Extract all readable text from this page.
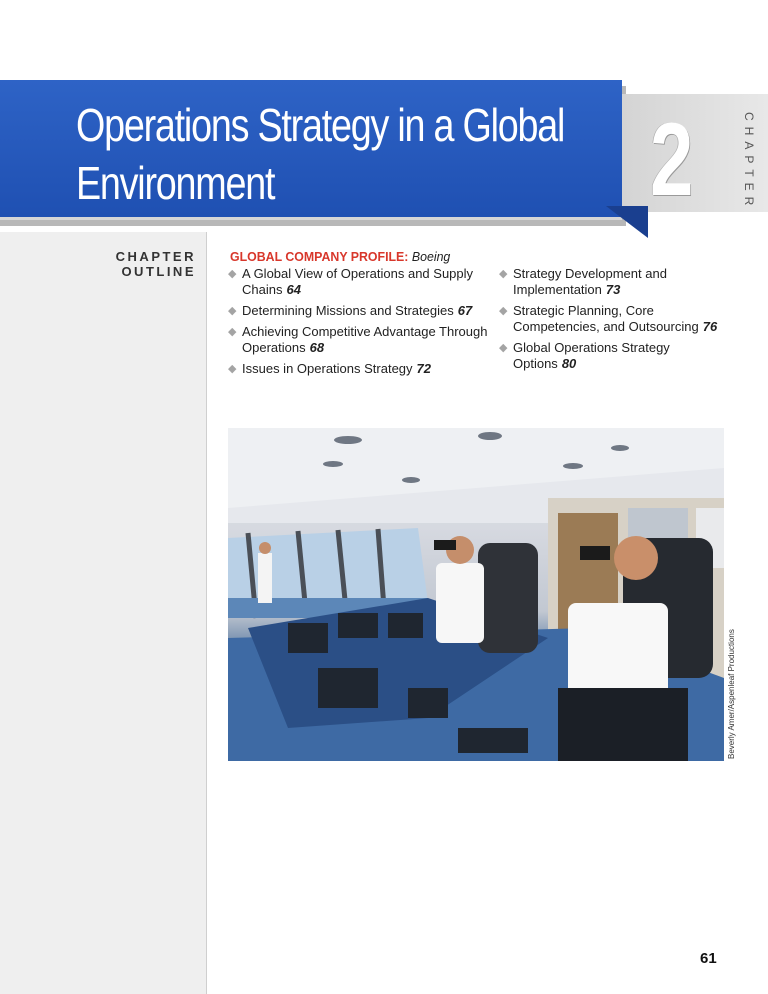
Operations Strategy in a Global
Environment	2	CHAPTER
CHAPTER
OUTLINE
GLOBAL COMPANY PROFILE: Boeing
◆ A Global View of Operations and Supply Chains 64
◆ Determining Missions and Strategies 67
◆ Achieving Competitive Advantage Through Operations 68
◆ Issues in Operations Strategy 72
◆ Strategy Development and Implementation 73
◆ Strategic Planning, Core Competencies, and Outsourcing 76
◆ Global Operations Strategy Options 80
Beverly Amer/Aspenleaf Productions
61
